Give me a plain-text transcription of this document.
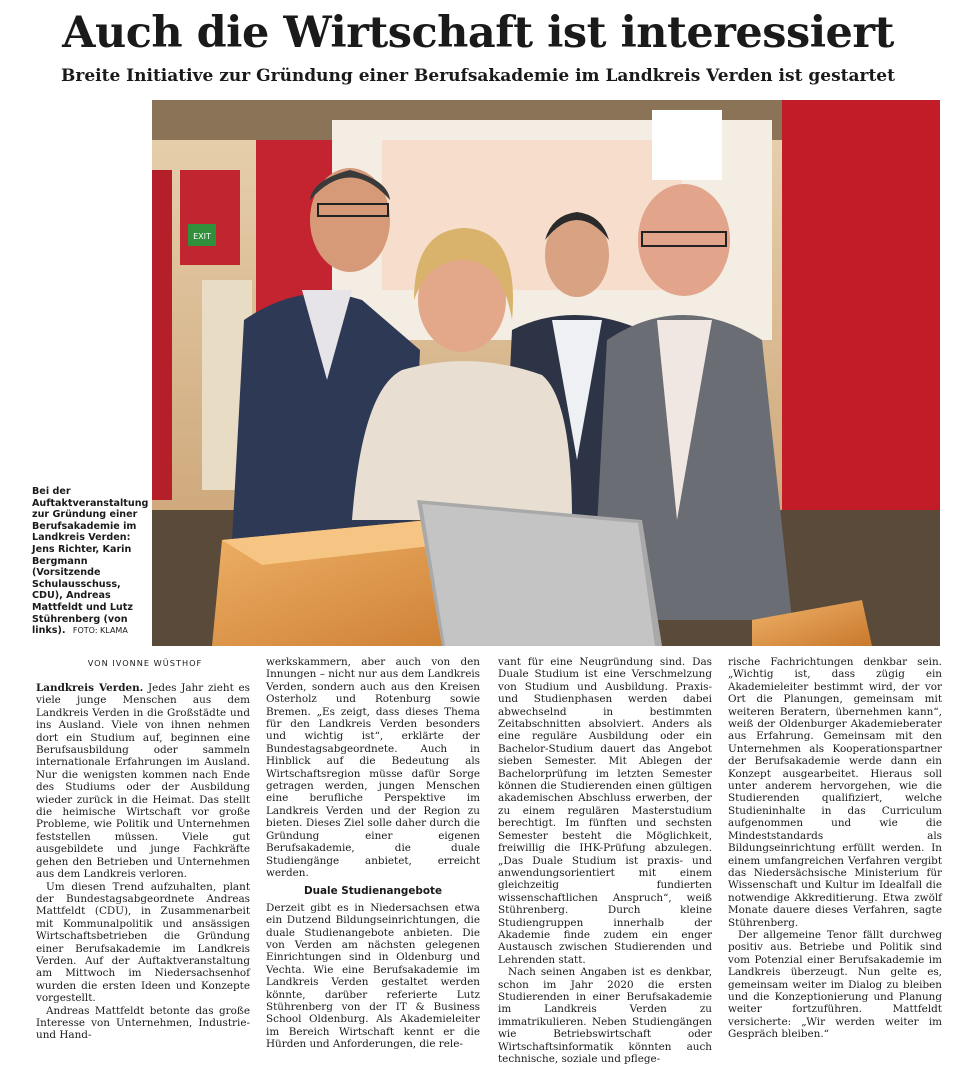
Auch die Wirtschaft ist interessiert
Breite Initiative zur Gründung einer Berufsakademie im Landkreis Verden ist gestartet
Bei der Auftaktveranstaltung zur Gründung einer Berufsakademie im Landkreis Verden: Jens Richter, Karin Bergmann (Vorsitzende Schulausschuss, CDU), Andreas Mattfeldt und Lutz Stührenberg (von links). FOTO: KLAMA
EXIT
VON IVONNE WÜSTHOF

Landkreis Verden. Jedes Jahr zieht es viele junge Menschen aus dem Landkreis Verden in die Großstädte und ins Ausland. Viele von ihnen nehmen dort ein Studium auf, beginnen eine Berufsausbildung oder sammeln internationale Erfahrungen im Ausland. Nur die wenigsten kommen nach Ende des Studiums oder der Ausbildung wieder zurück in die Heimat. Das stellt die heimische Wirtschaft vor große Probleme, wie Politik und Unternehmen feststellen müssen. Viele gut ausgebildete und junge Fachkräfte gehen den Betrieben und Unternehmen aus dem Landkreis verloren.

Um diesen Trend aufzuhalten, plant der Bundestagsabgeordnete Andreas Mattfeldt (CDU), in Zusammenarbeit mit Kommunalpolitik und ansässigen Wirtschaftsbetrieben die Gründung einer Berufsakademie im Landkreis Verden. Auf der Auftaktveranstaltung am Mittwoch im Niedersachsenhof wurden die ersten Ideen und Konzepte vorgestellt.

Andreas Mattfeldt betonte das große Interesse von Unternehmen, Industrie- und Hand-

werkskammern, aber auch von den Innungen – nicht nur aus dem Landkreis Verden, sondern auch aus den Kreisen Osterholz und Rotenburg sowie Bremen. „Es zeigt, dass dieses Thema für den Landkreis Verden besonders und wichtig ist“, erklärte der Bundestagsabgeordnete. Auch in Hinblick auf die Bedeutung als Wirtschaftsregion müsse dafür Sorge getragen werden, jungen Menschen eine berufliche Perspektive im Landkreis Verden und der Region zu bieten. Dieses Ziel solle daher durch die Gründung einer eigenen Berufsakademie, die duale Studiengänge anbietet, erreicht werden.

Duale Studienangebote

Derzeit gibt es in Niedersachsen etwa ein Dutzend Bildungseinrichtungen, die duale Studienangebote anbieten. Die von Verden am nächsten gelegenen Einrichtungen sind in Oldenburg und Vechta. Wie eine Berufsakademie im Landkreis Verden gestaltet werden könnte, darüber referierte Lutz Stührenberg von der IT & Business School Oldenburg. Als Akademieleiter im Bereich Wirtschaft kennt er die Hürden und Anforderungen, die rele-

vant für eine Neugründung sind. Das Duale Studium ist eine Verschmelzung von Studium und Ausbildung. Praxis- und Studienphasen werden dabei abwechselnd in bestimmten Zeitabschnitten absolviert. Anders als eine reguläre Ausbildung oder ein Bachelor-Studium dauert das Angebot sieben Semester. Mit Ablegen der Bachelorprüfung im letzten Semester können die Studierenden einen gültigen akademischen Abschluss erwerben, der zu einem regulären Masterstudium berechtigt. Im fünften und sechsten Semester besteht die Möglichkeit, freiwillig die IHK-Prüfung abzulegen. „Das Duale Studium ist praxis- und anwendungsorientiert mit einem gleichzeitig fundierten wissenschaftlichen Anspruch“, weiß Stührenberg. Durch kleine Studiengruppen innerhalb der Akademie finde zudem ein enger Austausch zwischen Studierenden und Lehrenden statt.

Nach seinen Angaben ist es denkbar, schon im Jahr 2020 die ersten Studierenden in einer Berufsakademie im Landkreis Verden zu immatrikulieren. Neben Studiengängen wie Betriebswirtschaft oder Wirtschaftsinformatik könnten auch technische, soziale und pflege-

rische Fachrichtungen denkbar sein. „Wichtig ist, dass zügig ein Akademieleiter bestimmt wird, der vor Ort die Planungen, gemeinsam mit weiteren Beratern, übernehmen kann“, weiß der Oldenburger Akademieberater aus Erfahrung. Gemeinsam mit den Unternehmen als Kooperationspartner der Berufsakademie werde dann ein Konzept ausgearbeitet. Hieraus soll unter anderem hervorgehen, wie die Studierenden qualifiziert, welche Studieninhalte in das Curriculum aufgenommen und wie die Mindeststandards als Bildungseinrichtung erfüllt werden. In einem umfangreichen Verfahren vergibt das Niedersächsische Ministerium für Wissenschaft und Kultur im Idealfall die notwendige Akkreditierung. Etwa zwölf Monate dauere dieses Verfahren, sagte Stührenberg.

Der allgemeine Tenor fällt durchweg positiv aus. Betriebe und Politik sind vom Potenzial einer Berufsakademie im Landkreis überzeugt. Nun gelte es, gemeinsam weiter im Dialog zu bleiben und die Konzeptionierung und Planung weiter fortzuführen. Mattfeldt versicherte: „Wir werden weiter im Gespräch bleiben.“
